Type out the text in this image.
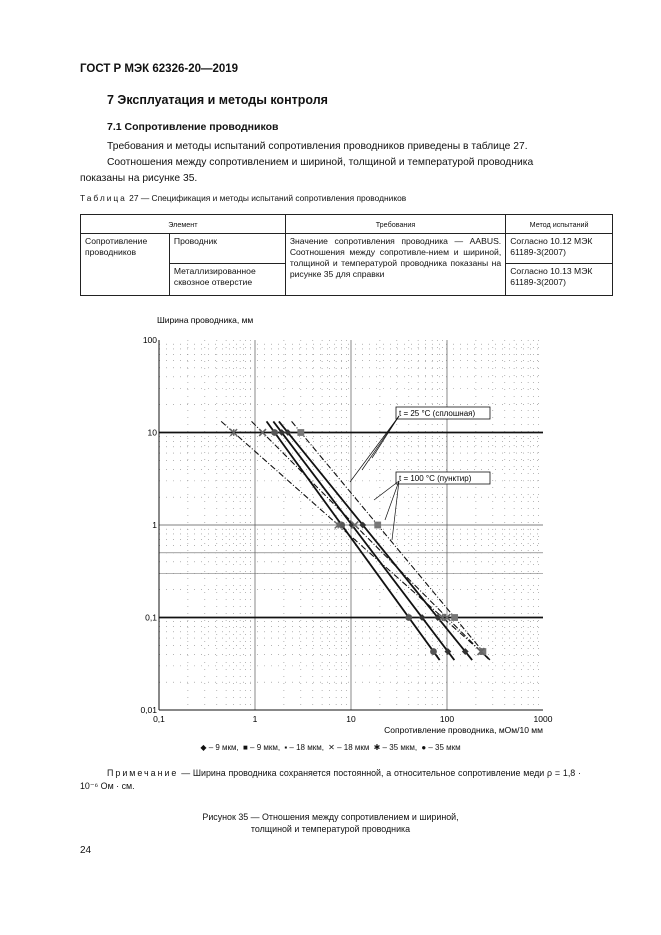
ГОСТ Р МЭК 62326-20—2019
7 Эксплуатация и методы контроля
7.1 Сопротивление проводников
Требования и методы испытаний сопротивления проводников приведены в таблице 27.
Соотношения между сопротивлением и шириной, толщиной и температурой проводника показаны на рисунке 35.
Таблица 27 — Спецификация и методы испытаний сопротивления проводников
Элемент		Требования	Метод испытаний
Сопротивление проводников	Проводник	Значение сопротивления проводника — AABUS. Соотношения между сопротивле-нием и шириной, толщиной и температурой проводника показаны на рисунке 35 для справки	Согласно 10.12 МЭК 61189-3(2007)
	Металлизированное сквозное отверстие		Согласно 10.13 МЭК 61189-3(2007)
0,1	1	10	100	1000
0,01
0,1
1
10
100
Ширина проводника, мм
Сопротивление проводника, мОм/10 мм
t = 25 °C (сплошная)
t = 100 °C (пунктир)
◆ – 9 мкм, ■ – 9 мкм, ▪ – 18 мкм, ✕ – 18 мкм ✱ – 35 мкм, ● – 35 мкм
Примечание — Ширина проводника сохраняется постоянной, а относительное сопротивление меди ρ = 1,8 · 10⁻⁶ Ом · см.
Рисунок 35 — Отношения между сопротивлением и шириной,
толщиной и температурой проводника
24
